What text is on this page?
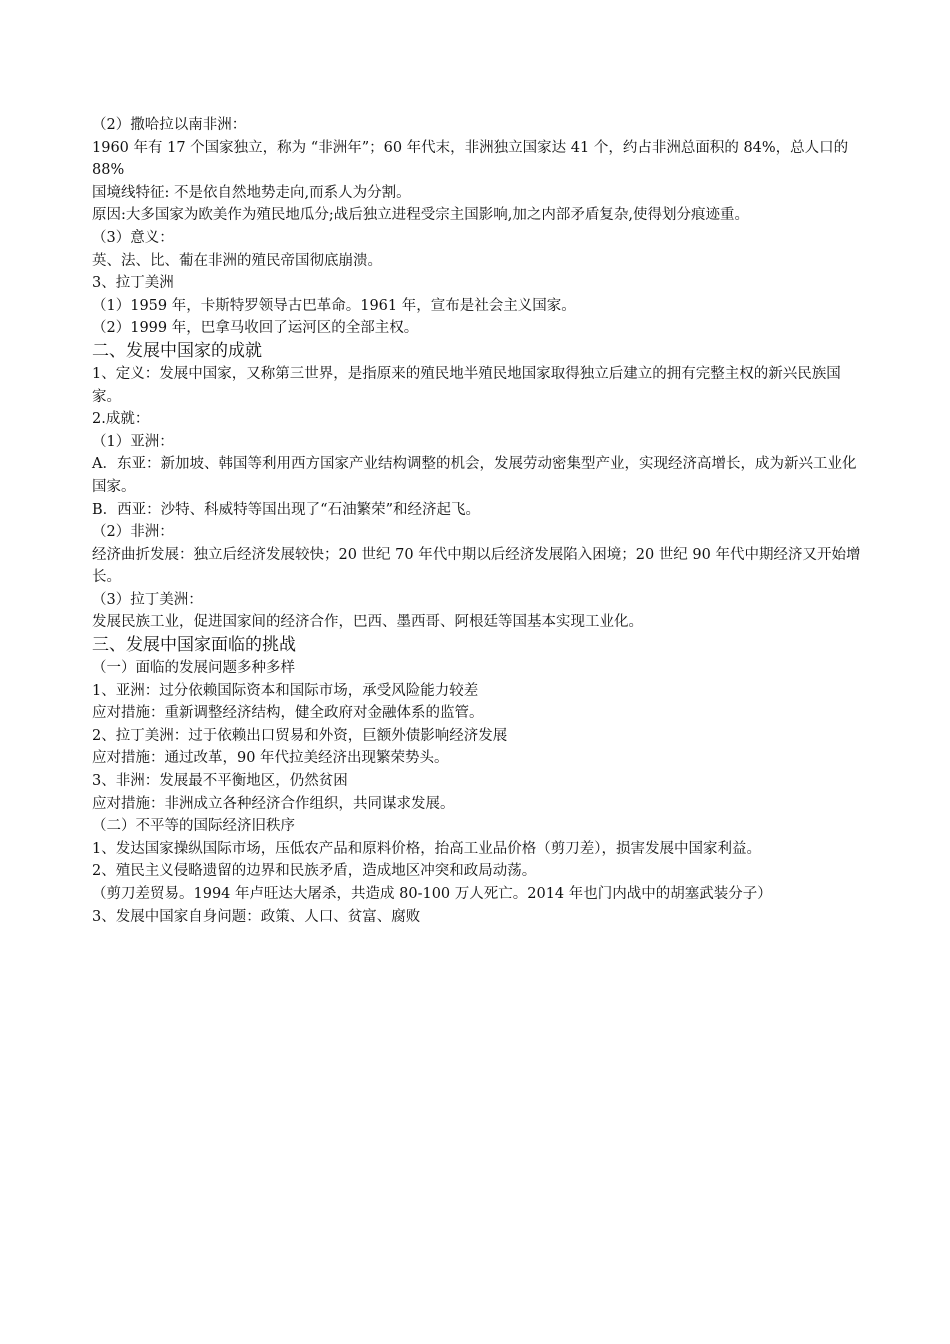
（2）撒哈拉以南非洲：
1960 年有 17 个国家独立，称为 “非洲年”；60 年代末，非洲独立国家达 41 个，约占非洲总面积的 84%，总人口的 88%
国境线特征: 不是依自然地势走向,而系人为分割。
原因:大多国家为欧美作为殖民地瓜分;战后独立进程受宗主国影响,加之内部矛盾复杂,使得划分痕迹重。
（3）意义：
英、法、比、葡在非洲的殖民帝国彻底崩溃。
3、拉丁美洲
（1）1959 年，卡斯特罗领导古巴革命。1961 年，宣布是社会主义国家。
（2）1999 年，巴拿马收回了运河区的全部主权。
二、发展中国家的成就
1、定义：发展中国家，又称第三世界，是指原来的殖民地半殖民地国家取得独立后建立的拥有完整主权的新兴民族国家。
2.成就：
（1）亚洲：
A．东亚：新加坡、韩国等利用西方国家产业结构调整的机会，发展劳动密集型产业，实现经济高增长，成为新兴工业化国家。
B．西亚：沙特、科威特等国出现了“石油繁荣”和经济起飞。
（2）非洲：
经济曲折发展：独立后经济发展较快；20 世纪 70 年代中期以后经济发展陷入困境；20 世纪 90 年代中期经济又开始增长。
（3）拉丁美洲：
发展民族工业，促进国家间的经济合作，巴西、墨西哥、阿根廷等国基本实现工业化。
三、发展中国家面临的挑战
（一）面临的发展问题多种多样
1、亚洲：过分依赖国际资本和国际市场，承受风险能力较差
应对措施：重新调整经济结构，健全政府对金融体系的监管。
2、拉丁美洲：过于依赖出口贸易和外资，巨额外债影响经济发展
应对措施：通过改革，90 年代拉美经济出现繁荣势头。
3、非洲：发展最不平衡地区，仍然贫困
应对措施：非洲成立各种经济合作组织，共同谋求发展。
（二）不平等的国际经济旧秩序
1、发达国家操纵国际市场，压低农产品和原料价格，抬高工业品价格（剪刀差），损害发展中国家利益。
2、殖民主义侵略遗留的边界和民族矛盾，造成地区冲突和政局动荡。
（剪刀差贸易。1994 年卢旺达大屠杀，共造成 80-100 万人死亡。2014 年也门内战中的胡塞武装分子）
3、发展中国家自身问题：政策、人口、贫富、腐败
